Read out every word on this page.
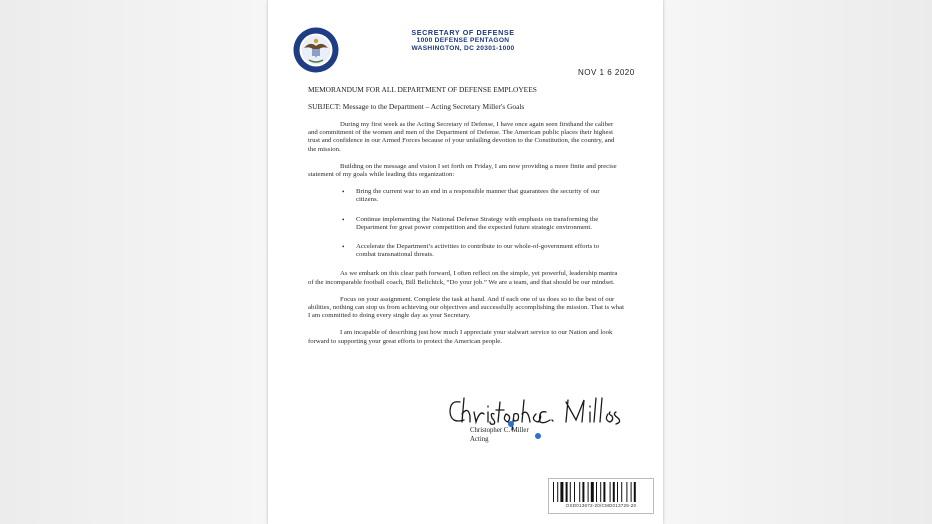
SECRETARY OF DEFENSE
1000 DEFENSE PENTAGON
WASHINGTON, DC 20301-1000
NOV 1 6 2020
MEMORANDUM FOR ALL DEPARTMENT OF DEFENSE EMPLOYEES
SUBJECT: Message to the Department – Acting Secretary Miller's Goals

During my first week as the Acting Secretary of Defense, I have once again seen firsthand the caliber and commitment of the women and men of the Department of Defense. The American public places their highest trust and confidence in our Armed Forces because of your unfailing devotion to the Constitution, the country, and the mission.

Building on the message and vision I set forth on Friday, I am now providing a more finite and precise statement of my goals while leading this organization:

• Bring the current war to an end in a responsible manner that guarantees the security of our citizens.
• Continue implementing the National Defense Strategy with emphasis on transforming the Department for great power competition and the expected future strategic environment.
• Accelerate the Department’s activities to contribute to our whole-of-government efforts to combat transnational threats.

As we embark on this clear path forward, I often reflect on the simple, yet powerful, leadership mantra of the incomparable football coach, Bill Belichick, “Do your job.” We are a team, and that should be our mindset.

Focus on your assignment. Complete the task at hand. And if each one of us does so to the best of our abilities, nothing can stop us from achieving our objectives and successfully accomplishing the mission. That is what I am committed to doing every single day as your Secretary.

I am incapable of describing just how much I appreciate your stalwart service to our Nation and look forward to supporting your great efforts to protect the American people.

Christopher C. Miller
Acting
OSD013672-20/CMD013725-20
